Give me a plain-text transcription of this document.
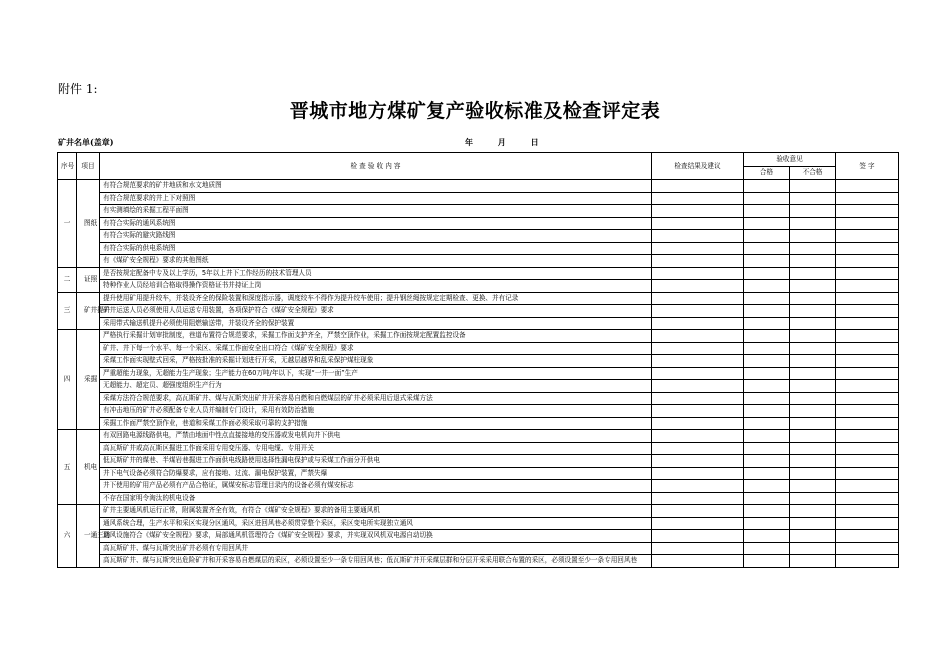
附件 1:
晋城市地方煤矿复产验收标准及检查评定表
矿井名单(盖章)	年 月 日
序号	项目	检 查 验 收 内 容	检查结果及建议	验收意见		签 字
				合格	不合格	
一	图纸	有符合规范要求的矿井地质和水文地质图				
		有符合规范要求的井上下对照图				
		有实测填绘的采掘工程平面图				
		有符合实际的通风系统图				
		有符合实际的避灾路线图				
		有符合实际的供电系统图				
		有《煤矿安全规程》要求的其他图纸				
二	证照	是否按规定配备中专及以上学历，5年以上井下工作经历的技术管理人员				
		特种作业人员经培训合格取得操作资格证书并持证上岗				
三	矿井提升	提升使用矿用提升绞车，并装设齐全的保险装置和深度指示器，调度绞车不得作为提升绞车使用；提升钢丝绳按规定定期检查、更换、并有记录				
		矿井运送人员必须使用人员运送专用装置，各项保护符合《煤矿安全规程》要求				
		采用带式输送机提升必须使用阻燃输送带，并装设齐全的保护装置				
四	采掘	严格执行采掘计划审批制度，巷道布置符合规范要求，采掘工作面支护齐全，严禁空顶作业，采掘工作面按规定配置监控设备				
		矿井、井下每一个水平、每一个采区、采煤工作面安全出口符合《煤矿安全规程》要求				
		采煤工作面实现壁式回采，严格按批准的采掘计划进行开采，无越层越界和乱采保护煤柱现象				
		严重超能力现象，无超能力生产现象；生产能力在60万吨/年以下，实现“一井一面”生产				
		无超能力、超定员、超强度组织生产行为				
		采煤方法符合规范要求，高瓦斯矿井、煤与瓦斯突出矿井开采容易自燃和自燃煤层的矿井必须采用后退式采煤方法				
		有冲击地压的矿井必须配备专业人员并编制专门设计，采用有效防治措施				
		采掘工作面严禁空顶作业，巷道和采煤工作面必须采取可靠的支护措施				
五	机电	有双回路电源线路供电，严禁由地面中性点直接接地的变压器或发电机向井下供电				
		高瓦斯矿井或高瓦斯区掘进工作面采用专用变压器、专用电缆、专用开关				
		低瓦斯矿井的煤巷、半煤岩巷掘进工作面供电线路使用选择性漏电保护或与采煤工作面分开供电				
		井下电气设备必须符合防爆要求，应有接地、过流、漏电保护装置，严禁失爆				
		井下使用的矿用产品必须有产品合格证，属煤安标志管理目录内的设备必须有煤安标志				
		不存在国家明令淘汰的机电设备				
六	一通三防	矿井主要通风机运行正常，附属装置齐全有效，有符合《煤矿安全规程》要求的备用主要通风机				
		通风系统合理，生产水平和采区实现分区通风，采区进回风巷必须贯穿整个采区，采区变电所实现独立通风				
		通风设施符合《煤矿安全规程》要求，局部通风机管理符合《煤矿安全规程》要求，并实现双风机双电源自动切换				
		高瓦斯矿井、煤与瓦斯突出矿井必须有专用回风井				
		高瓦斯矿井、煤与瓦斯突出危险矿井和开采容易自燃煤层的采区，必须设置至少一条专用回风巷；低瓦斯矿井开采煤层群和分层开采采用联合布置的采区，必须设置至少一条专用回风巷				
